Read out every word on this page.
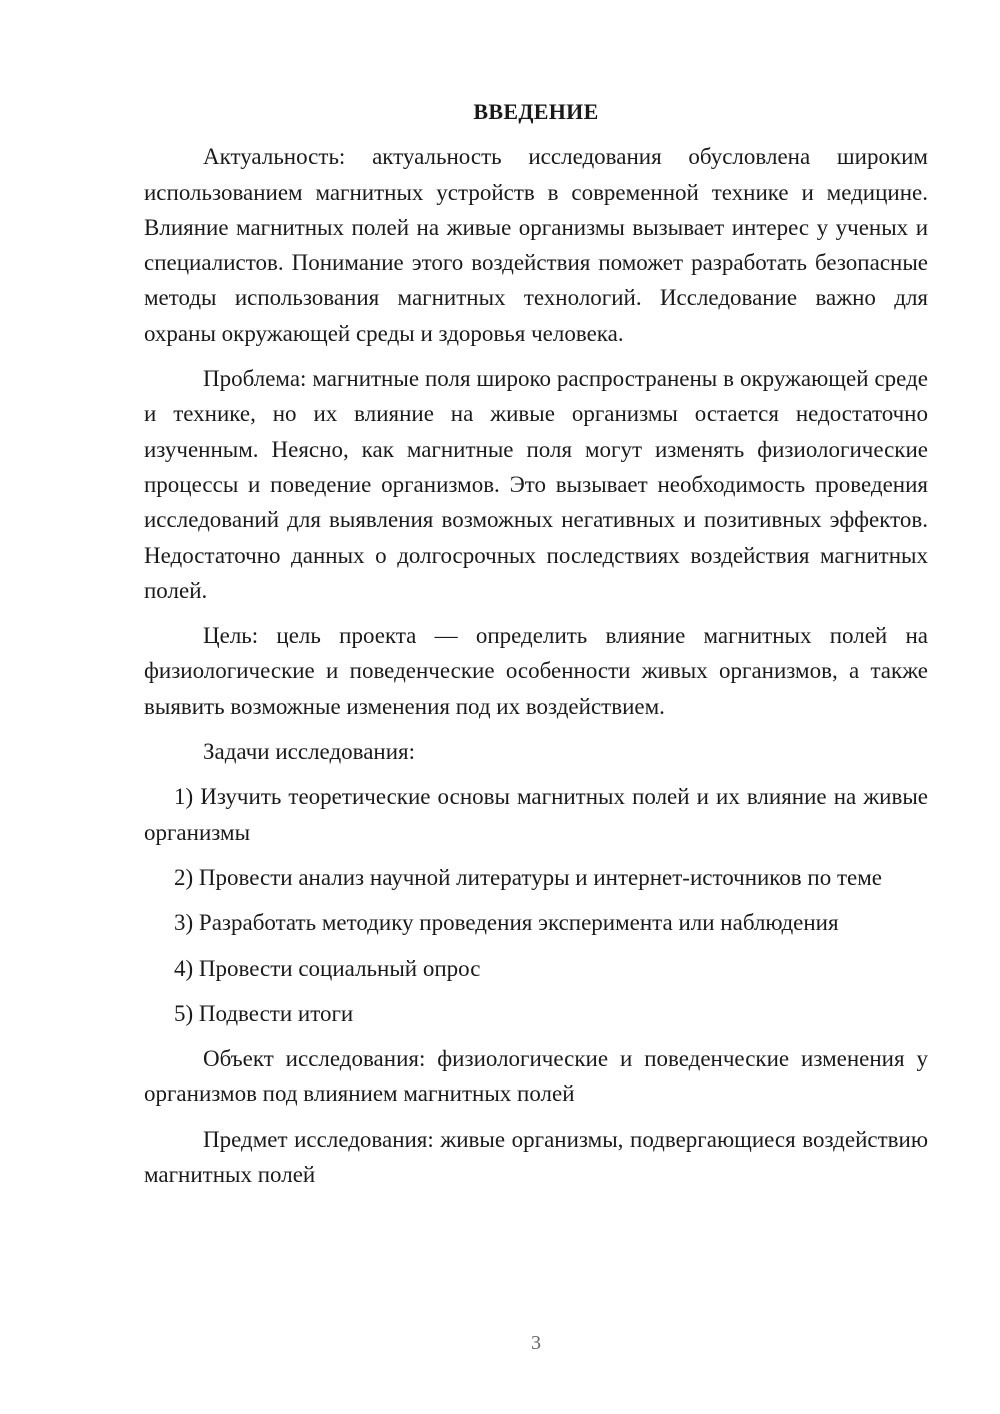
ВВЕДЕНИЕ

Актуальность: актуальность исследования обусловлена широким использованием магнитных устройств в современной технике и медицине. Влияние магнитных полей на живые организмы вызывает интерес у ученых и специалистов. Понимание этого воздействия поможет разработать безопасные методы использования магнитных технологий. Исследование важно для охраны окружающей среды и здоровья человека.

Проблема: магнитные поля широко распространены в окружающей среде и технике, но их влияние на живые организмы остается недостаточно изученным. Неясно, как магнитные поля могут изменять физиологические процессы и поведение организмов. Это вызывает необходимость проведения исследований для выявления возможных негативных и позитивных эффектов. Недостаточно данных о долгосрочных последствиях воздействия магнитных полей.

Цель: цель проекта — определить влияние магнитных полей на физиологические и поведенческие особенности живых организмов, а также выявить возможные изменения под их воздействием.

Задачи исследования:

1) Изучить теоретические основы магнитных полей и их влияние на живые организмы

2) Провести анализ научной литературы и интернет-источников по теме

3) Разработать методику проведения эксперимента или наблюдения

4) Провести социальный опрос

5) Подвести итоги

Объект исследования: физиологические и поведенческие изменения у организмов под влиянием магнитных полей

Предмет исследования: живые организмы, подвергающиеся воздействию магнитных полей

3
